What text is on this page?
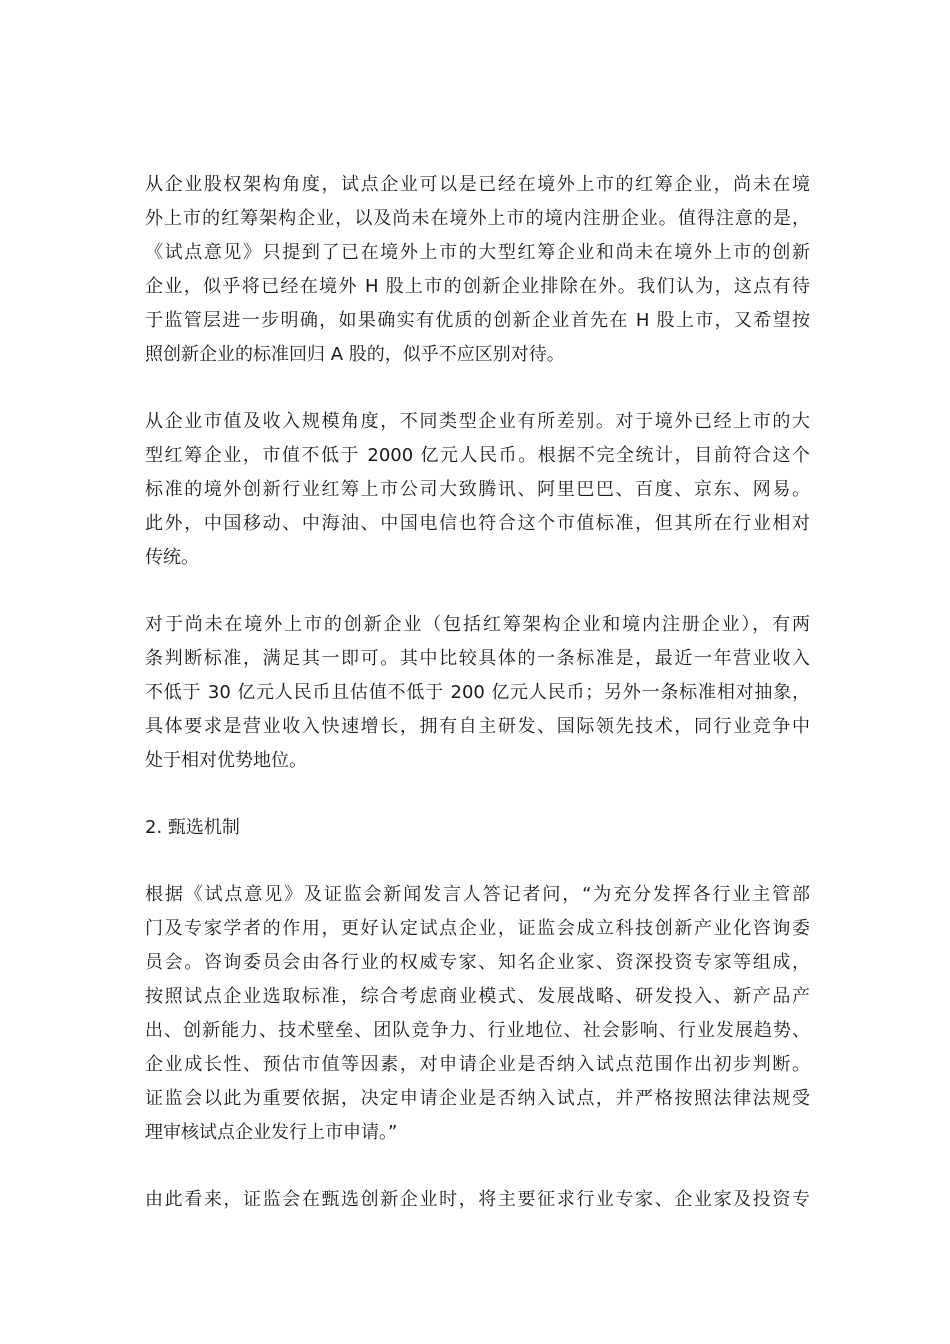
从企业股权架构角度，试点企业可以是已经在境外上市的红筹企业，尚未在境
外上市的红筹架构企业，以及尚未在境外上市的境内注册企业。值得注意的是，
《试点意见》只提到了已在境外上市的大型红筹企业和尚未在境外上市的创新
企业，似乎将已经在境外 H 股上市的创新企业排除在外。我们认为，这点有待
于监管层进一步明确，如果确实有优质的创新企业首先在 H 股上市，又希望按
照创新企业的标准回归 A 股的，似乎不应区别对待。
从企业市值及收入规模角度，不同类型企业有所差别。对于境外已经上市的大
型红筹企业，市值不低于 2000 亿元人民币。根据不完全统计，目前符合这个
标准的境外创新行业红筹上市公司大致腾讯、阿里巴巴、百度、京东、网易。
此外，中国移动、中海油、中国电信也符合这个市值标准，但其所在行业相对
传统。
对于尚未在境外上市的创新企业（包括红筹架构企业和境内注册企业），有两
条判断标准，满足其一即可。其中比较具体的一条标准是，最近一年营业收入
不低于 30 亿元人民币且估值不低于 200 亿元人民币；另外一条标准相对抽象，
具体要求是营业收入快速增长，拥有自主研发、国际领先技术，同行业竞争中
处于相对优势地位。
2. 甄选机制
根据《试点意见》及证监会新闻发言人答记者问，“为充分发挥各行业主管部
门及专家学者的作用，更好认定试点企业，证监会成立科技创新产业化咨询委
员会。咨询委员会由各行业的权威专家、知名企业家、资深投资专家等组成，
按照试点企业选取标准，综合考虑商业模式、发展战略、研发投入、新产品产
出、创新能力、技术壁垒、团队竞争力、行业地位、社会影响、行业发展趋势、
企业成长性、预估市值等因素，对申请企业是否纳入试点范围作出初步判断。
证监会以此为重要依据，决定申请企业是否纳入试点，并严格按照法律法规受
理审核试点企业发行上市申请。”
由此看来，证监会在甄选创新企业时，将主要征求行业专家、企业家及投资专
